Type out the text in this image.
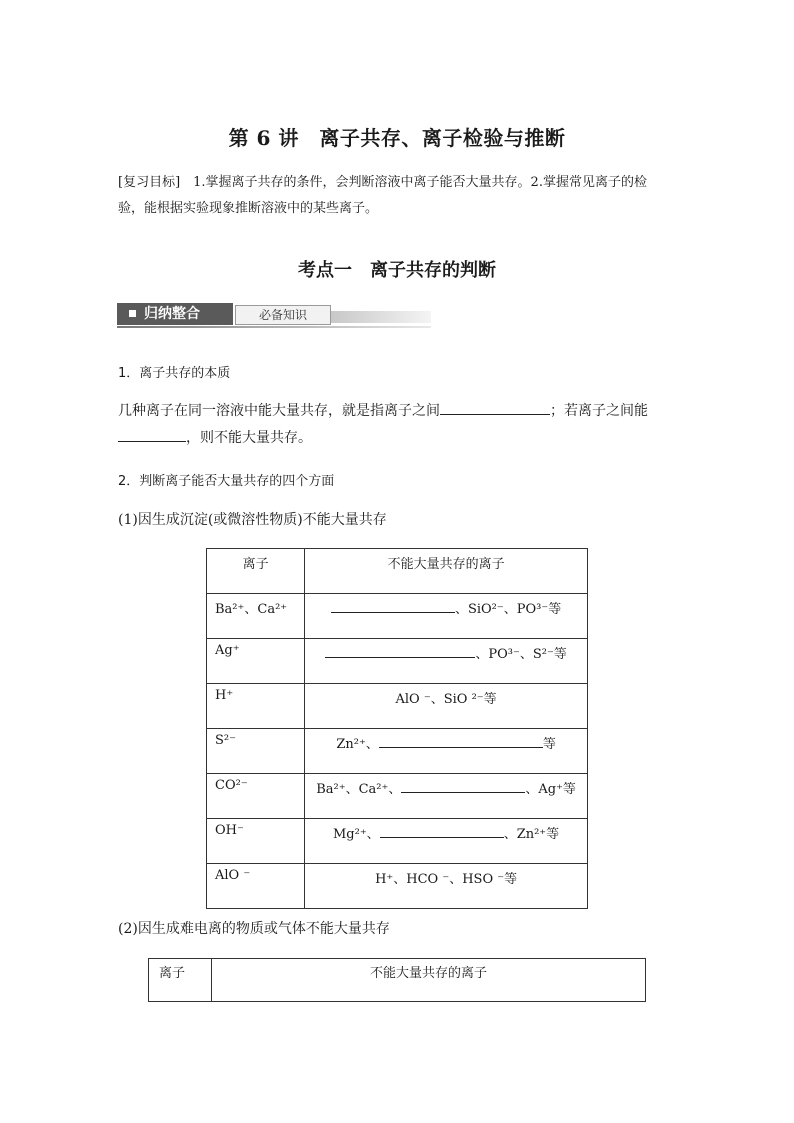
第 6 讲　离子共存、离子检验与推断
[复习目标]　1.掌握离子共存的条件，会判断溶液中离子能否大量共存。2.掌握常见离子的检
验，能根据实验现象推断溶液中的某些离子。
考点一　离子共存的判断
归纳整合	必备知识
1．离子共存的本质
几种离子在同一溶液中能大量共存，就是指离子之间	；若离子之间能
，则不能大量共存。
2．判断离子能否大量共存的四个方面
(1)因生成沉淀(或微溶性物质)不能大量共存
离子	不能大量共存的离子
Ba²⁺、Ca²⁺	、SiO²⁻、PO³⁻等
Ag⁺	、PO³⁻、S²⁻等
H⁺	AlO ⁻、SiO ²⁻等
S²⁻	Zn²⁺、 等
CO²⁻	Ba²⁺、Ca²⁺、 、Ag⁺等
OH⁻	Mg²⁺、 、Zn²⁺等
AlO ⁻	H⁺、HCO ⁻、HSO ⁻等
(2)因生成难电离的物质或气体不能大量共存
离子	不能大量共存的离子
